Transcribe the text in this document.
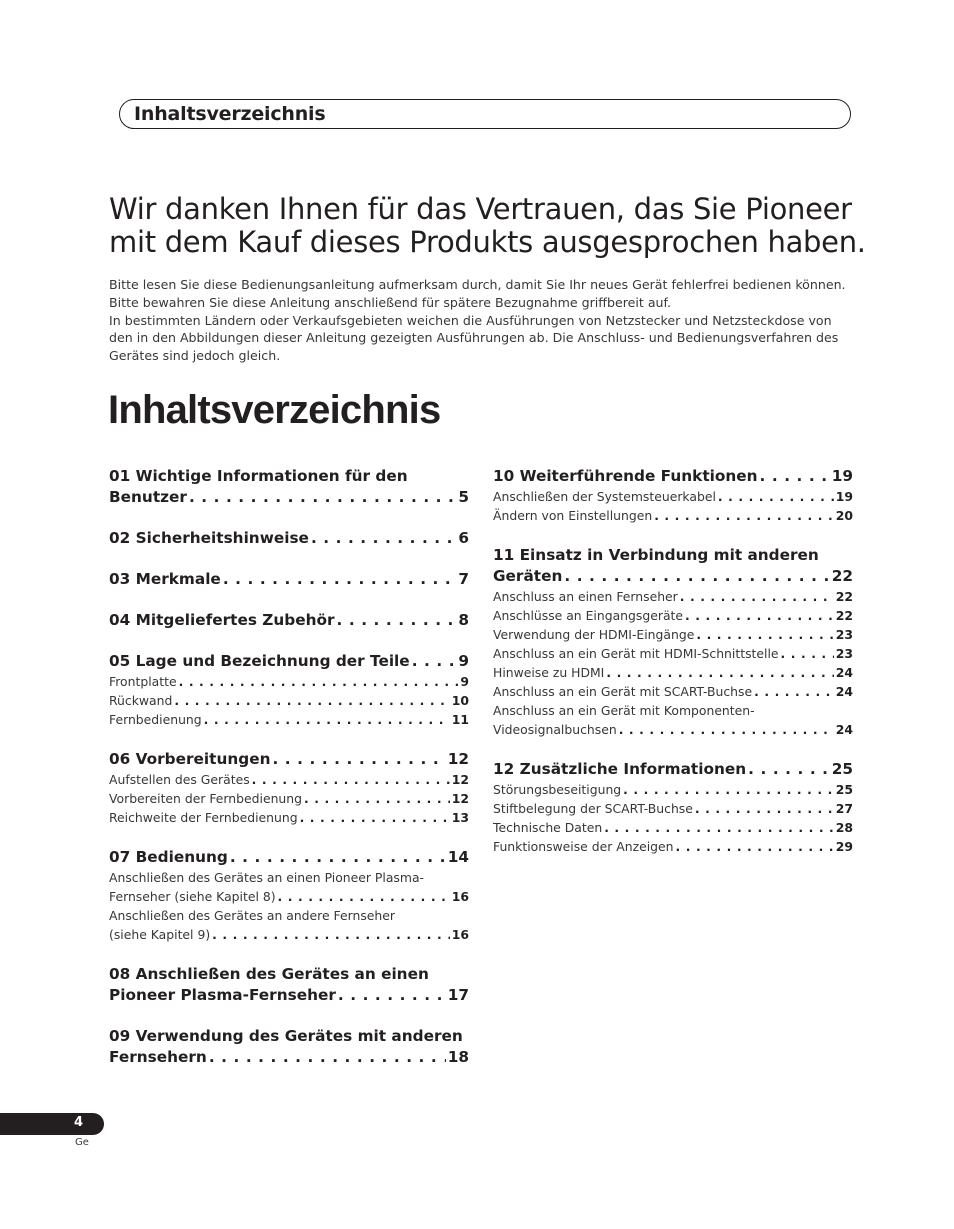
Inhaltsverzeichnis
Wir danken Ihnen für das Vertrauen, das Sie Pioneer
mit dem Kauf dieses Produkts ausgesprochen haben.

Bitte lesen Sie diese Bedienungsanleitung aufmerksam durch, damit Sie Ihr neues Gerät fehlerfrei bedienen können. Bitte bewahren Sie diese Anleitung anschließend für spätere Bezugnahme griffbereit auf.

In bestimmten Ländern oder Verkaufsgebieten weichen die Ausführungen von Netzstecker und Netzsteckdose von den in den Abbildungen dieser Anleitung gezeigten Ausführungen ab. Die Anschluss- und Bedienungsverfahren des Gerätes sind jedoch gleich.

Inhaltsverzeichnis
01 Wichtige Informationen für den
Benutzer . . .	5
02 Sicherheitshinweise . . .	6
03 Merkmale . . .	7
04 Mitgeliefertes Zubehör . . .	8
05 Lage und Bezeichnung der Teile . . .	9
Frontplatte . . .	9
Rückwand . . .	10
Fernbedienung . . .	11
06 Vorbereitungen . . .	12
Aufstellen des Gerätes . . .	12
Vorbereiten der Fernbedienung . . .	12
Reichweite der Fernbedienung . . .	13
07 Bedienung . . .	14
Anschließen des Gerätes an einen Pioneer Plasma-
Fernseher (siehe Kapitel 8) . . .	16
Anschließen des Gerätes an andere Fernseher
(siehe Kapitel 9) . . .	16
08 Anschließen des Gerätes an einen
Pioneer Plasma-Fernseher . . .	17
09 Verwendung des Gerätes mit anderen
Fernsehern . . .	18
10 Weiterführende Funktionen . . .	19
Anschließen der Systemsteuerkabel . . .	19
Ändern von Einstellungen . . .	20
11 Einsatz in Verbindung mit anderen
Geräten . . .	22
Anschluss an einen Fernseher . . .	22
Anschlüsse an Eingangsgeräte . . .	22
Verwendung der HDMI-Eingänge . . .	23
Anschluss an ein Gerät mit HDMI-Schnittstelle . . .	23
Hinweise zu HDMI . . .	24
Anschluss an ein Gerät mit SCART-Buchse . . .	24
Anschluss an ein Gerät mit Komponenten-
Videosignalbuchsen . . .	24
12 Zusätzliche Informationen . . .	25
Störungsbeseitigung . . .	25
Stiftbelegung der SCART-Buchse . . .	27
Technische Daten . . .	28
Funktionsweise der Anzeigen . . .	29
4
Ge
